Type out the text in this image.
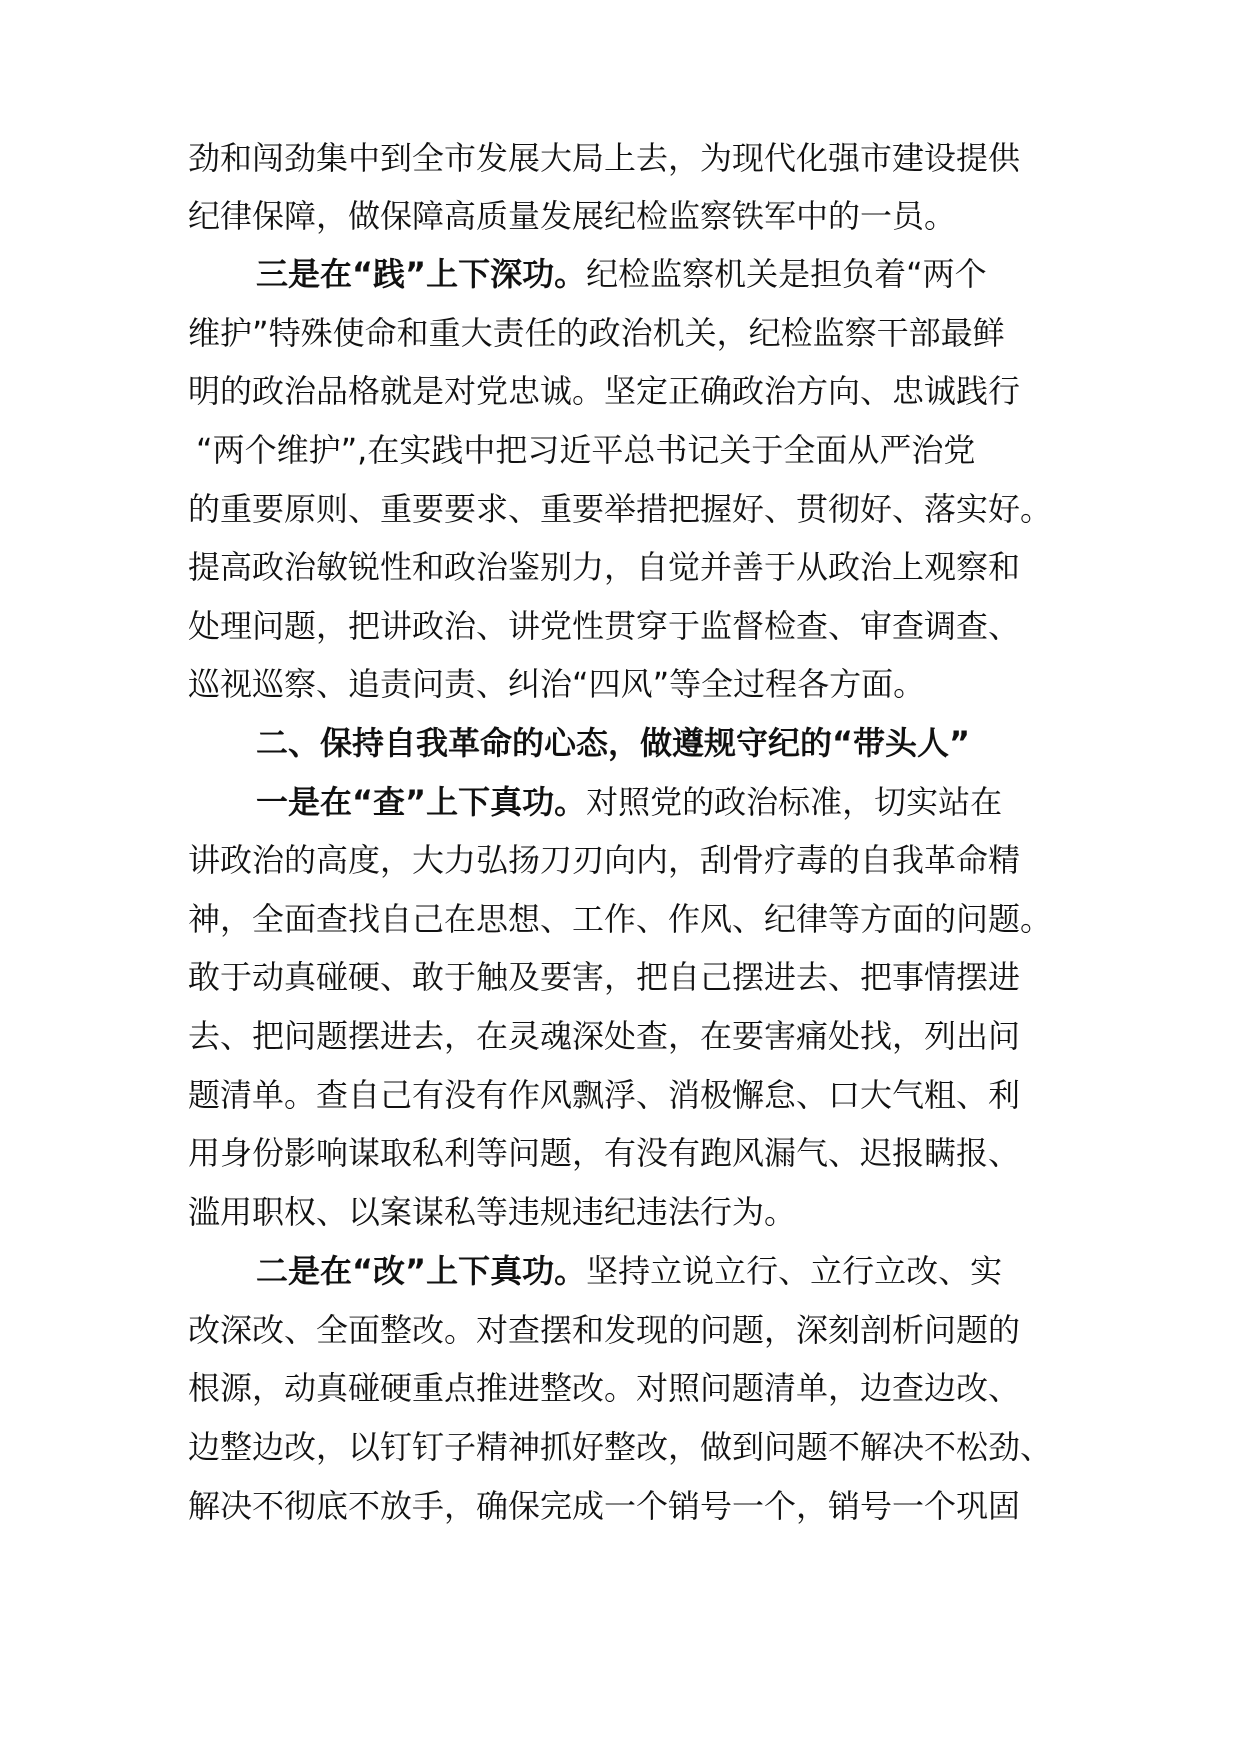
劲和闯劲集中到全市发展大局上去，为现代化强市建设提供
纪律保障，做保障高质量发展纪检监察铁军中的一员。
三是在“践”上下深功。纪检监察机关是担负着“两个
维护”特殊使命和重大责任的政治机关，纪检监察干部最鲜
明的政治品格就是对党忠诚。坚定正确政治方向、忠诚践行
“两个维护”,在实践中把习近平总书记关于全面从严治党
的重要原则、重要要求、重要举措把握好、贯彻好、落实好。
提高政治敏锐性和政治鉴别力，自觉并善于从政治上观察和
处理问题，把讲政治、讲党性贯穿于监督检查、审查调查、
巡视巡察、追责问责、纠治“四风”等全过程各方面。
二、保持自我革命的心态，做遵规守纪的“带头人”
一是在“查”上下真功。对照党的政治标准，切实站在
讲政治的高度，大力弘扬刀刃向内，刮骨疗毒的自我革命精
神，全面查找自己在思想、工作、作风、纪律等方面的问题。
敢于动真碰硬、敢于触及要害，把自己摆进去、把事情摆进
去、把问题摆进去，在灵魂深处查，在要害痛处找，列出问
题清单。查自己有没有作风飘浮、消极懈怠、口大气粗、利
用身份影响谋取私利等问题，有没有跑风漏气、迟报瞒报、
滥用职权、以案谋私等违规违纪违法行为。
二是在“改”上下真功。坚持立说立行、立行立改、实
改深改、全面整改。对查摆和发现的问题，深刻剖析问题的
根源，动真碰硬重点推进整改。对照问题清单，边查边改、
边整边改，以钉钉子精神抓好整改，做到问题不解决不松劲、
解决不彻底不放手，确保完成一个销号一个，销号一个巩固
